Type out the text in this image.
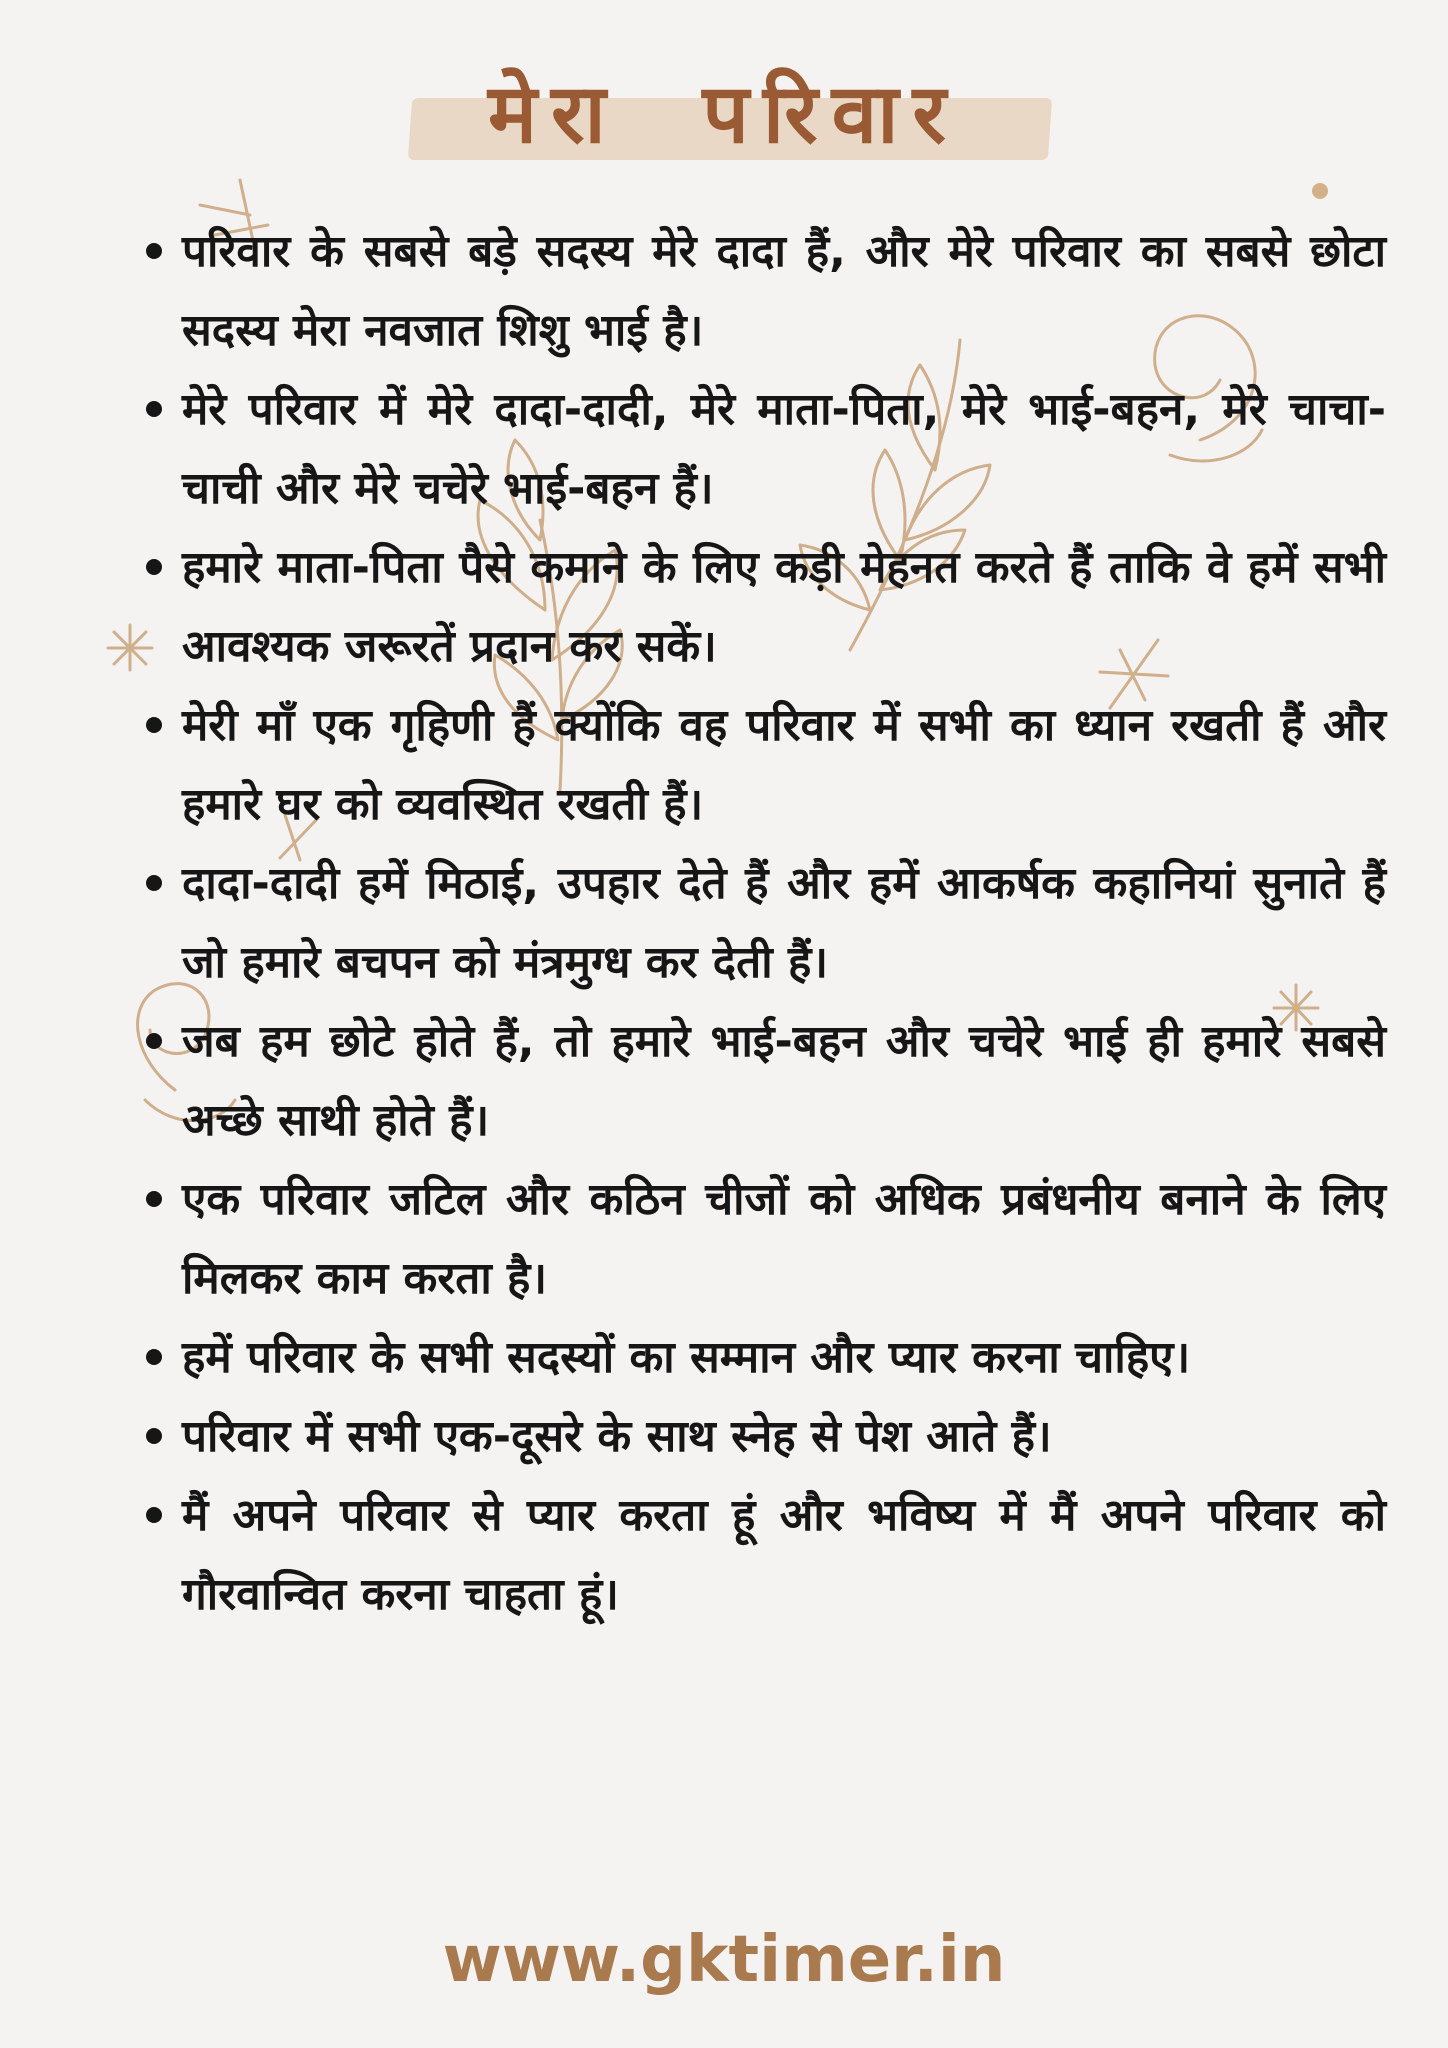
मेरा परिवार
परिवार के सबसे बड़े सदस्य मेरे दादा हैं, और मेरे परिवार का सबसे छोटा सदस्य मेरा नवजात शिशु भाई है।
मेरे परिवार में मेरे दादा-दादी, मेरे माता-पिता, मेरे भाई-बहन, मेरे चाचा-चाची और मेरे चचेरे भाई-बहन हैं।
हमारे माता-पिता पैसे कमाने के लिए कड़ी मेहनत करते हैं ताकि वे हमें सभी आवश्यक जरूरतें प्रदान कर सकें।
मेरी माँ एक गृहिणी हैं क्योंकि वह परिवार में सभी का ध्यान रखती हैं और हमारे घर को व्यवस्थित रखती हैं।
दादा-दादी हमें मिठाई, उपहार देते हैं और हमें आकर्षक कहानियां सुनाते हैं जो हमारे बचपन को मंत्रमुग्ध कर देती हैं।
जब हम छोटे होते हैं, तो हमारे भाई-बहन और चचेरे भाई ही हमारे सबसे अच्छे साथी होते हैं।
एक परिवार जटिल और कठिन चीजों को अधिक प्रबंधनीय बनाने के लिए मिलकर काम करता है।
हमें परिवार के सभी सदस्यों का सम्मान और प्यार करना चाहिए।
परिवार में सभी एक-दूसरे के साथ स्नेह से पेश आते हैं।
मैं अपने परिवार से प्यार करता हूं और भविष्य में मैं अपने परिवार को गौरवान्वित करना चाहता हूं।
www.gktimer.in
